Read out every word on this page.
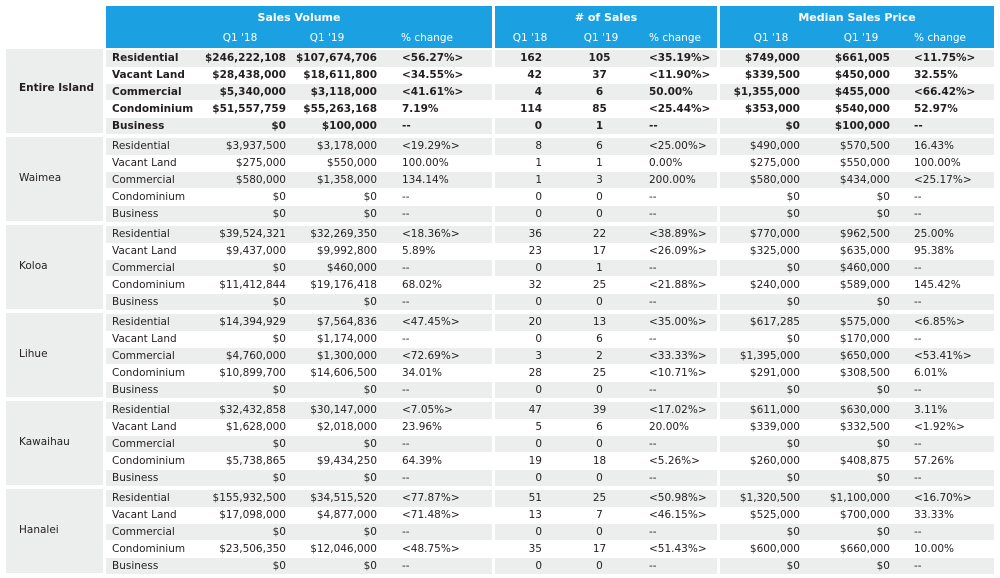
Sales Volume
Q1 '18	Q1 '19	% change
# of Sales
Q1 '18	Q1 '19	% change
Median Sales Price
Q1 '18	Q1 '19	% change
Entire Island
Residential	$246,222,108 $107,674,706 <56.27%>	162	105	<35.19%>	$749,000	$661,005 <11.75%>
Vacant Land	$28,438,000	$18,611,800 <34.55%>	42	37	<11.90%>	$339,500	$450,000 32.55%
Commercial	$5,340,000	$3,118,000 <41.61%>	4	6	50.00%	$1,355,000	$455,000 <66.42%>
Condominium	$51,557,759	$55,263,168 7.19%	114	85	<25.44%>	$353,000	$540,000 52.97%
Business	$0	$100,000 --	0	1	--	$0	$100,000 --
Waimea
Residential	$3,937,500	$3,178,000 <19.29%>	8	6	<25.00%>	$490,000	$570,500 16.43%
Vacant Land	$275,000	$550,000 100.00%	1	1	0.00%	$275,000	$550,000 100.00%
Commercial	$580,000	$1,358,000 134.14%	1	3	200.00%	$580,000	$434,000 <25.17%>
Condominium	$0	$0 --	0	0	--	$0	$0 --
Business	$0	$0 --	0	0	--	$0	$0 --
Koloa
Residential	$39,524,321	$32,269,350 <18.36%>	36	22	<38.89%>	$770,000	$962,500 25.00%
Vacant Land	$9,437,000	$9,992,800 5.89%	23	17	<26.09%>	$325,000	$635,000 95.38%
Commercial	$0	$460,000 --	0	1	--	$0	$460,000 --
Condominium	$11,412,844	$19,176,418 68.02%	32	25	<21.88%>	$240,000	$589,000 145.42%
Business	$0	$0 --	0	0	--	$0	$0 --
Lihue
Residential	$14,394,929	$7,564,836 <47.45%>	20	13	<35.00%>	$617,285	$575,000 <6.85%>
Vacant Land	$0	$1,174,000 --	0	6	--	$0	$170,000 --
Commercial	$4,760,000	$1,300,000 <72.69%>	3	2	<33.33%>	$1,395,000	$650,000 <53.41%>
Condominium	$10,899,700	$14,606,500 34.01%	28	25	<10.71%>	$291,000	$308,500 6.01%
Business	$0	$0 --	0	0	--	$0	$0 --
Kawaihau
Residential	$32,432,858	$30,147,000 <7.05%>	47	39	<17.02%>	$611,000	$630,000 3.11%
Vacant Land	$1,628,000	$2,018,000 23.96%	5	6	20.00%	$339,000	$332,500 <1.92%>
Commercial	$0	$0 --	0	0	--	$0	$0 --
Condominium	$5,738,865	$9,434,250 64.39%	19	18	<5.26%>	$260,000	$408,875 57.26%
Business	$0	$0 --	0	0	--	$0	$0 --
Hanalei
Residential	$155,932,500	$34,515,520 <77.87%>	51	25	<50.98%>	$1,320,500	$1,100,000 <16.70%>
Vacant Land	$17,098,000	$4,877,000 <71.48%>	13	7	<46.15%>	$525,000	$700,000 33.33%
Commercial	$0	$0 --	0	0	--	$0	$0 --
Condominium	$23,506,350	$12,046,000 <48.75%>	35	17	<51.43%>	$600,000	$660,000 10.00%
Business	$0	$0 --	0	0	--	$0	$0 --
